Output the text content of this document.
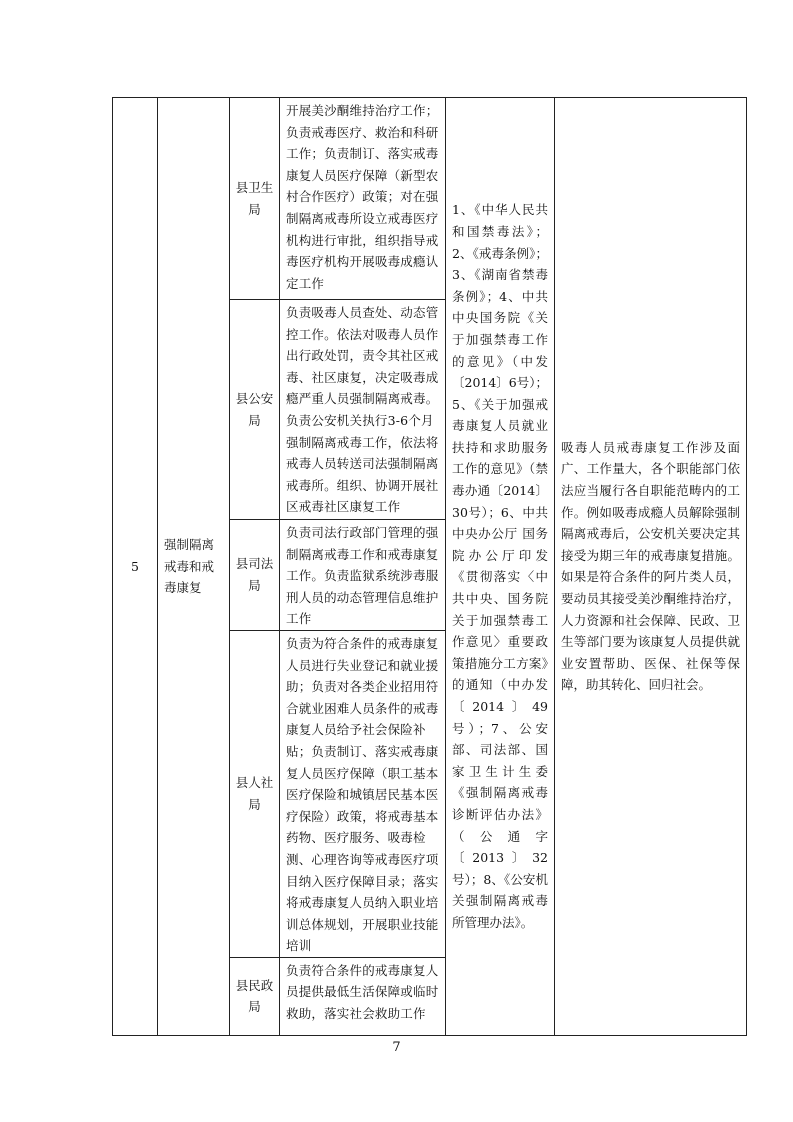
5	强制隔离戒毒和戒毒康复	县卫生局	开展美沙酮维持治疗工作；负责戒毒医疗、救治和科研工作；负责制订、落实戒毒康复人员医疗保障（新型农村合作医疗）政策；对在强制隔离戒毒所设立戒毒医疗机构进行审批，组织指导戒毒医疗机构开展吸毒成瘾认定工作	1、《中华人民共和国禁毒法》；2、《戒毒条例》；3、《湖南省禁毒条例》；4、中共中央国务院《关于加强禁毒工作的意见》（中发〔2014〕6号）；5、《关于加强戒毒康复人员就业扶持和求助服务工作的意见》（禁毒办通〔2014〕30号）；6、中共中央办公厅 国务院办公厅印发《贯彻落实〈中共中央、国务院关于加强禁毒工作意见〉重要政策措施分工方案》的通知（中办发〔2014〕49号）；7、公安部、司法部、国家卫生计生委《强制隔离戒毒诊断评估办法》（公通字〔2013〕32号）；8、《公安机关强制隔离戒毒所管理办法》。	吸毒人员戒毒康复工作涉及面广、工作量大，各个职能部门依法应当履行各自职能范畴内的工作。例如吸毒成瘾人员解除强制隔离戒毒后，公安机关要决定其接受为期三年的戒毒康复措施。如果是符合条件的阿片类人员，要动员其接受美沙酮维持治疗，人力资源和社会保障、民政、卫生等部门要为该康复人员提供就业安置帮助、医保、社保等保障，助其转化、回归社会。
		县公安局	负责吸毒人员查处、动态管控工作。依法对吸毒人员作出行政处罚，责令其社区戒毒、社区康复，决定吸毒成瘾严重人员强制隔离戒毒。负责公安机关执行3-6个月强制隔离戒毒工作，依法将戒毒人员转送司法强制隔离戒毒所。组织、协调开展社区戒毒社区康复工作		
		县司法局	负责司法行政部门管理的强制隔离戒毒工作和戒毒康复工作。负责监狱系统涉毒服刑人员的动态管理信息维护工作		
		县人社局	负责为符合条件的戒毒康复人员进行失业登记和就业援助；负责对各类企业招用符合就业困难人员条件的戒毒康复人员给予社会保险补贴；负责制订、落实戒毒康复人员医疗保障（职工基本医疗保险和城镇居民基本医疗保险）政策，将戒毒基本药物、医疗服务、吸毒检测、心理咨询等戒毒医疗项目纳入医疗保障目录；落实将戒毒康复人员纳入职业培训总体规划，开展职业技能培训		
		县民政局	负责符合条件的戒毒康复人员提供最低生活保障或临时救助，落实社会救助工作		
7
